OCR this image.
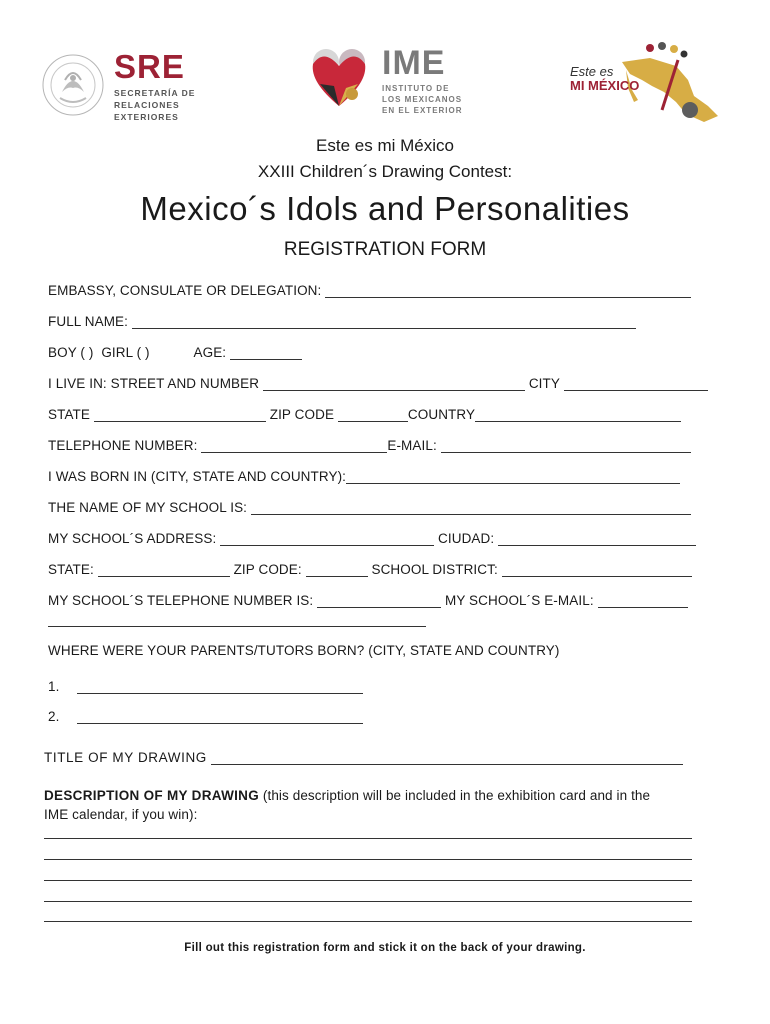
SRE
SECRETARÍA DE
RELACIONES
EXTERIORES
IME
INSTITUTO DE
LOS MEXICANOS
EN EL EXTERIOR
Este es
MI MÉXICO
Este es mi México
XXIII Children´s Drawing Contest:
Mexico´s Idols and Personalities
REGISTRATION FORM
EMBASSY, CONSULATE OR DELEGATION:
FULL NAME:
BOY ( ) GIRL ( )	AGE:
I LIVE IN: STREET AND NUMBER	CITY
STATE	ZIP CODE	COUNTRY
TELEPHONE NUMBER:	E-MAIL:
I WAS BORN IN (CITY, STATE AND COUNTRY):
THE NAME OF MY SCHOOL IS:
MY SCHOOL´S ADDRESS:	CIUDAD:
STATE:	ZIP CODE:	SCHOOL DISTRICT:
MY SCHOOL´S TELEPHONE NUMBER IS:	MY SCHOOL´S E-MAIL:
WHERE WERE YOUR PARENTS/TUTORS BORN? (CITY, STATE AND COUNTRY)
1.
2.
TITLE OF MY DRAWING
DESCRIPTION OF MY DRAWING (this description will be included in the exhibition card and in the
IME calendar, if you win):
Fill out this registration form and stick it on the back of your drawing.
